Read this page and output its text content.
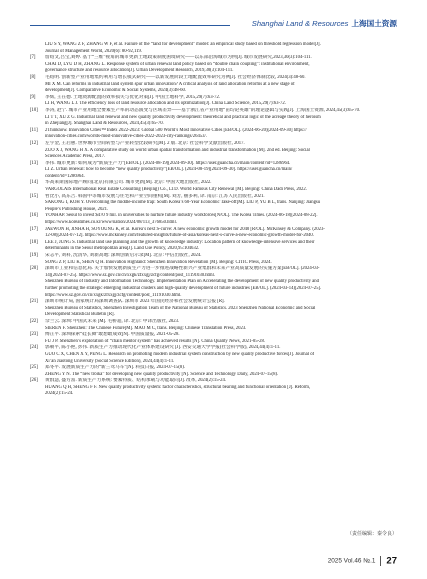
Shanghai Land & Resources 上海国土资源
LIU S Y, WANG Z F, ZHANG W F, et al. Failure of the “land for development” model: an empirical study based on threshold regression model[J].
Journal of Management World, 2020(6): 80-92,119.
[7] 詹绍文,吕宝,刘婷. 基于“三维”视角的城市更新土地政策制度困境研究——以东部沿海城市为例[J]. 城市发展研究,2023,30(3):104-111.
CHAI D, LYU D H, ZHANG L. Response system of urban renewal land policy based on “double chain coupling”: institutional environment,
governance structure and resource allocation[J]. Urban Development Research, 2019,30(3):104-111.
[8] 毛绍明. 创新型产业用地集约利用与增长模式研究——以新发展阶段土地配置效率研究为例[J]. 社会经济体制比较, 2024(3):48-60.
MI X M. Can reforms in industrial land system spur urban innovation? A critical analysis of land allocation reforms at a new stage of
development[J]. Comparative Economic & Social Systems, 2024(3):48-60.
[9] 李辉, 王在德. 土地资源配置的效率损失与优化对策[J]. 中国土地科学, 2015,29(7):63-72.
LI H, WANG L J. The efficiency loss of land resource allocation and its optimization[J]. China Land Science, 2015,29(7):63-72.
[10] 李涛, 赵宁. 城市产业用地全要素生产率的动态演变与区域差异——基于浙江省产业用地“亩均论英雄”的理论逻辑与实践[J]. 上海国土资源, 2024,45(3):65-70.
LI T T, XU Z G. Industrial land renewal and new quality productivity development: theoretical and practical logic of the acreage theory of heroism
in Zhejiang[J]. Shanghai Land & Resources, 2024,45(3):65-70.
[11] 2Thinknow. Innovation Cities™ Index 2022-2023: Global 500 World’s Most Innovative Cities [EB/OL]. (2024-06-20)[2024-09-30] https://
innovation-cities.com/worlds-most-innovative-cities-2022-2023-city-rankings/26453/.
[12] 左宇金, 王启惠. 世界城市空间转型与产业转型比较研究[M]. 2 版. 北京: 社会科学文献出版社, 2017.
ZUO X J, WANG H X. A comparative study on world urban spatial transformation and industrial transformation [M]. 2nd ed. Beijing: Social
Sciences Academic Press, 2017.
[13] 李伟. 城市更新: 如何成为“新质生产力”[EB/OL]. (2024-08-19)[2024-09-30]. https://user.guancha.cn/main/content?id=1286964.
LI Z. Urban renewal: how to become “new quality productivity”[EB/OL]. (2024-08-19)[2024-09-30]. https://user.guancha.cn/main/
content?id=1286964.
[14] 华高莱斯国际地产顾问(北京)有限公司. 城市更新[M]. 北京: 中国大地出版社, 2022.
VARGOLAIS International Real Estate Consulting (Beijing) Co., LTD. World Famous City Renewal [M]. Beijing: China Dadi Press, 2022.
[15] 哲比小, 高东吉. 韩国中等城市发展与住宅和产业空间重构[M]. 刘芳, 丽多利, 译. 南京: 江苏人民出版社, 2021.
SAKONG I, KOH Y. Overcoming the middle-income trap: South Korea’s 60-Year Economic Take-off[M]. LIU P, YU B L, trans. Nanjing: Jiangsu
People’s Publishing House, 2021.
[16] YONHAP. Seoul to invest $470 9 mil. in universities to nurture future industry workforces[N/OL]. The Korea Times. (2024-06-18)[2024-08-22].
https://www.koreatimes.co.kr/www/nation/2024/08/113_376850.html.
[17] JAEWON H, JINHA H, SOYOUNG K, et al. Korea’s next S-curve: A new economic growth model for 2040 [R/OL]. McKinsey & Company. (2023-
12-08)[2024-07-12]. https://www.mckinsey.com/featured-insights/future-of-asia/koreas-next-s-curve-a-new-economic-growth-model-for-2040.
[18] LEE J, JUNG S. Industrial land use planning and the growth of knowledge industry: Location pattern of knowledge-intensive services and their
determinants in the Seoul metropolitan area[J]. Land Use Policy, 2020,95:104632.
[19] 宋志平, 刘科, 沈清华, 刘新高地: 深圳创新启示录[M]. 北京: 中信出版社, 2024.
SONG Z P, LIU K, SHEN Q H. Innovation Highland: Shenzhen Innovation Revelation [M]. Beijing: CITIC Press, 2024.
[20] 深圳市工业和信息化局. 关于加快发展新质生产力进一步推进战略性新兴产业集群和未来产业高质量发展的实施方案[EB/OL]. (2024-03-
14)[2024-07-25]. https://www.sz.gov.cn/cn/xxgk/zfxxgj/zcfg/content/post_11191030.html.
Shenzhen Bureau of Industry and Information Technology. Implementation Plan on Accelerating the development of new quality productivity and
further promoting the strategic emerging industrial clusters and high-quality development of future industries [EB/OL]. (2024-03-14)[2024-07-25].
https://www.sz.gov.cn/cn/xxgk/zfxxgj/zcfg/content/post_11191030.html.
[21] 深圳市统计局, 国家统计局深圳调查队. 深圳市 2023 年国民经济和社会发展统计公报 [R].
Shenzhen Bureau of Statistics, Shenzhen Investigation Team of the National Bureau of Statistics. 2023 Shenzhen National Economic and Social
Development Statistical Bulletin [R].
[22] 佘兰云. 深圳: 中国式未来 [M]. 毛桥超, 译. 北京: 中译出版社, 2023.
SIEREN F. Shenzhen: The Chinese Future[M]. MAO M C, trans. Beijing: Chinese Translation Press, 2023.
[23] 傅正平. 深圳探索“硅长舞”敢想敢成效[N]. 中国质量报, 2021-05-28.
FU J P. Shenzhen’s exploration of “chain mentor system” has achieved results [N]. China Quality News, 2021-05-28.
[24] 郭朝平, 陈小艳, 彭伟. 新质生产力推动现代化产业体系建设研究 [J]. 西安交通大学学报(社会科学版), 2024,44(4):1-11.
GUO C X, CHEN X Y, PENG L. Research on promoting modern industrial system construction by new quality productive forces[J]. Journal of
Xi’an Jiaotong University (Social Science Edition), 2024,44(4):1-11.
[25] 郑冬平. 发展新质生产力的“新三驾马车”[N]. 科技日报, 2024-07-15(8).
ZHENG Y N. The “new troika” for developing new quality productivity [N]. Science and Technology Daily, 2024-07-15(8).
[26] 黄群慧, 盛方富. 新质生产力系统: 要素特质、结构承载与功能取向[J]. 改革, 2024(2):15-24.
HUANG Q H, SHENG F F. New quality productivity system: factor characteristics, structural bearing and functional orientation [J]. Reform,
2024(2):15-24.
（责任编辑：秦令良）
2025 Vol.46 №.1 27
